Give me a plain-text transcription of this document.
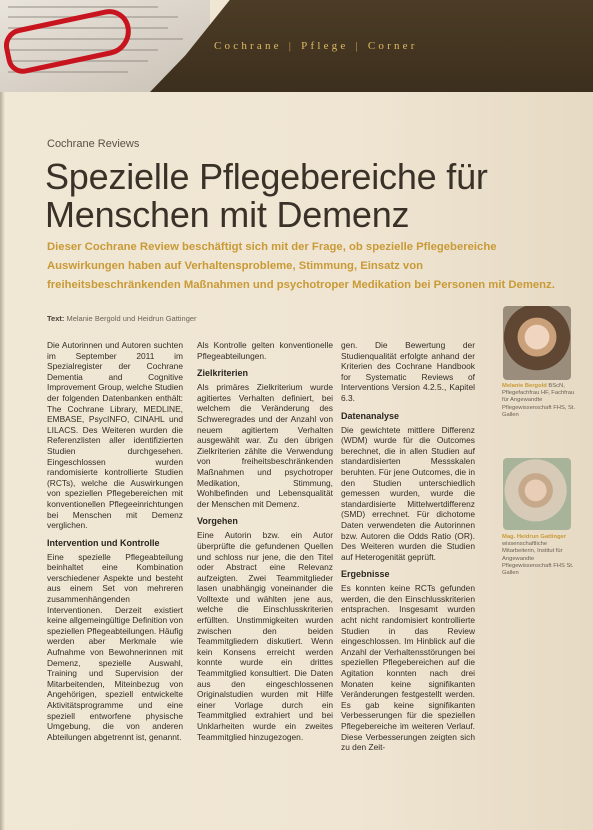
Cochrane | Pflege | Corner
Cochrane Reviews
Spezielle Pflegebereiche für Menschen mit Demenz

Dieser Cochrane Review beschäftigt sich mit der Frage, ob spezielle Pflegebereiche Auswirkungen haben auf Verhaltensprobleme, Stimmung, Einsatz von freiheitsbeschränkenden Maßnahmen und psychotroper Medikation bei Personen mit Demenz.

Text: Melanie Bergold und Heidrun Gattinger

Die Autorinnen und Autoren suchten im September 2011 im Spezialregister der Cochrane Dementia and Cognitive Improvement Group, welche Studien der folgenden Datenbanken enthält: The Cochrane Library, MEDLINE, EMBASE, PsycINFO, CINAHL und LILACS. Des Weiteren wurden die Referenzlisten aller identifizierten Studien durchgesehen. Eingeschlossen wurden randomisierte kontrollierte Studien (RCTs), welche die Auswirkungen von speziellen Pflegebereichen mit konventionellen Pflegeeinrichtungen bei Menschen mit Demenz verglichen.

Intervention und Kontrolle

Eine spezielle Pflegeabteilung beinhaltet eine Kombination verschiedener Aspekte und besteht aus einem Set von mehreren zusammenhängenden Interventionen. Derzeit existiert keine allgemeingültige Definition von speziellen Pflegeabteilungen. Häufig werden aber Merkmale wie Aufnahme von Bewohnerinnen mit Demenz, spezielle Auswahl, Training und Supervision der Mitarbeitenden, Miteinbezug von Angehörigen, speziell entwickelte Aktivitätsprogramme und eine speziell entworfene physische Umgebung, die von anderen Abteilungen abgetrennt ist, genannt.

Als Kontrolle gelten konventionelle Pflegeabteilungen.

Zielkriterien

Als primäres Zielkriterium wurde agitiertes Verhalten definiert, bei welchem die Veränderung des Schweregrades und der Anzahl von neuem agitiertem Verhalten ausgewählt war. Zu den übrigen Zielkriterien zählte die Verwendung von freiheitsbeschränkenden Maßnahmen und psychotroper Medikation, Stimmung, Wohlbefinden und Lebensqualität der Menschen mit Demenz.

Vorgehen

Eine Autorin bzw. ein Autor überprüfte die gefundenen Quellen und schloss nur jene, die den Titel oder Abstract eine Relevanz aufzeigten. Zwei Teammitglieder lasen unabhängig voneinander die Volltexte und wählten jene aus, welche die Einschlusskriterien erfüllten. Unstimmigkeiten wurden zwischen den beiden Teammitgliedern diskutiert. Wenn kein Konsens erreicht werden konnte wurde ein drittes Teammitglied konsultiert. Die Daten aus den eingeschlossenen Originalstudien wurden mit Hilfe einer Vorlage durch ein Teammitglied extrahiert und bei Unklarheiten wurde ein zweites Teammitglied hinzugezogen.

gen. Die Bewertung der Studienqualität erfolgte anhand der Kriterien des Cochrane Handbook for Systematic Reviews of Interventions Version 4.2.5., Kapitel 6.3.

Datenanalyse

Die gewichtete mittlere Differenz (WDM) wurde für die Outcomes berechnet, die in allen Studien auf standardisierten Messskalen beruhten. Für jene Outcomes, die in den Studien unterschiedlich gemessen wurden, wurde die standardisierte Mittelwertdifferenz (SMD) errechnet. Für dichotome Daten verwendeten die Autorinnen bzw. Autoren die Odds Ratio (OR). Des Weiteren wurden die Studien auf Heterogenität geprüft.

Ergebnisse

Es konnten keine RCTs gefunden werden, die den Einschlusskriterien entsprachen. Insgesamt wurden acht nicht randomisiert kontrollierte Studien in das Review eingeschlossen. Im Hinblick auf die Anzahl der Verhaltensstörungen bei speziellen Pflegebereichen auf die Agitation konnten nach drei Monaten keine signifikanten Veränderungen festgestellt werden. Es gab keine signifikanten Verbesserungen für die speziellen Pflegebereiche im weiteren Verlauf. Diese Verbesserungen zeigten sich zu den Zeit-

Melanie Bergold BScN, Pflegefachfrau HF, Fachfrau für Angewandte Pflegewissenschaft FHS, St. Gallen
Mag. Heidrun Gattinger wissenschaftliche Mitarbeiterin, Institut für Angewandte Pflegewissenschaft FHS St. Gallen
